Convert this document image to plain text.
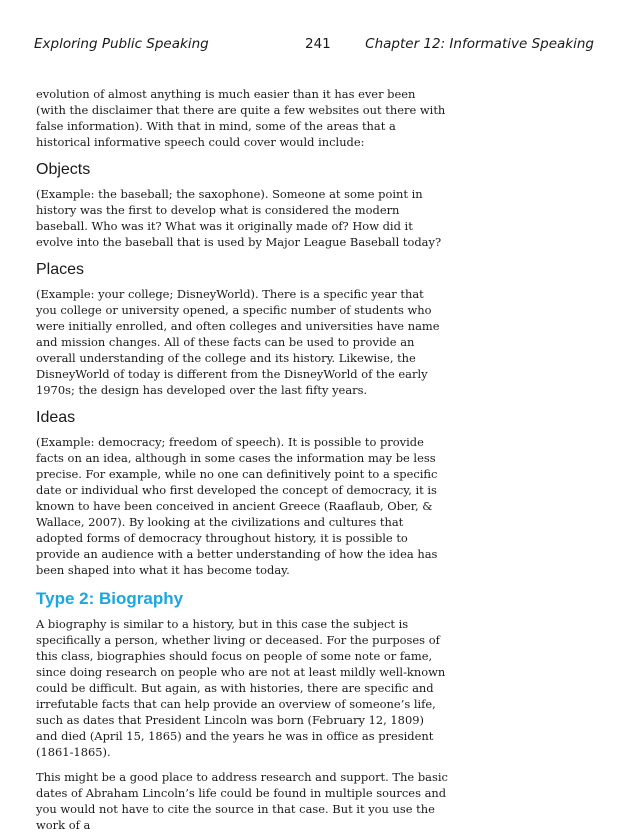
Exploring Public Speaking	241	Chapter 12: Informative Speaking

evolution of almost anything is much easier than it has ever been (with the disclaimer that there are quite a few websites out there with false information). With that in mind, some of the areas that a historical informative speech could cover would include:

Objects

(Example: the baseball; the saxophone). Someone at some point in history was the first to develop what is considered the modern baseball. Who was it? What was it originally made of? How did it evolve into the baseball that is used by Major League Baseball today?

Places

(Example: your college; DisneyWorld). There is a specific year that you college or university opened, a specific number of students who were initially enrolled, and often colleges and universities have name and mission changes. All of these facts can be used to provide an overall understanding of the college and its history. Likewise, the DisneyWorld of today is different from the DisneyWorld of the early 1970s; the design has developed over the last fifty years.

Ideas

(Example: democracy; freedom of speech). It is possible to provide facts on an idea, although in some cases the information may be less precise. For example, while no one can definitively point to a specific date or individual who first developed the concept of democracy, it is known to have been conceived in ancient Greece (Raaflaub, Ober, & Wallace, 2007). By looking at the civilizations and cultures that adopted forms of democracy throughout history, it is possible to provide an audience with a better understanding of how the idea has been shaped into what it has become today.

Type 2: Biography

A biography is similar to a history, but in this case the subject is specifically a person, whether living or deceased. For the purposes of this class, biographies should focus on people of some note or fame, since doing research on people who are not at least mildly well-known could be difficult. But again, as with histories, there are specific and irrefutable facts that can help provide an overview of someone’s life, such as dates that President Lincoln was born (February 12, 1809) and died (April 15, 1865) and the years he was in office as president (1861-1865).

This might be a good place to address research and support. The basic dates of Abraham Lincoln’s life could be found in multiple sources and you would not have to cite the source in that case. But it you use the work of a
